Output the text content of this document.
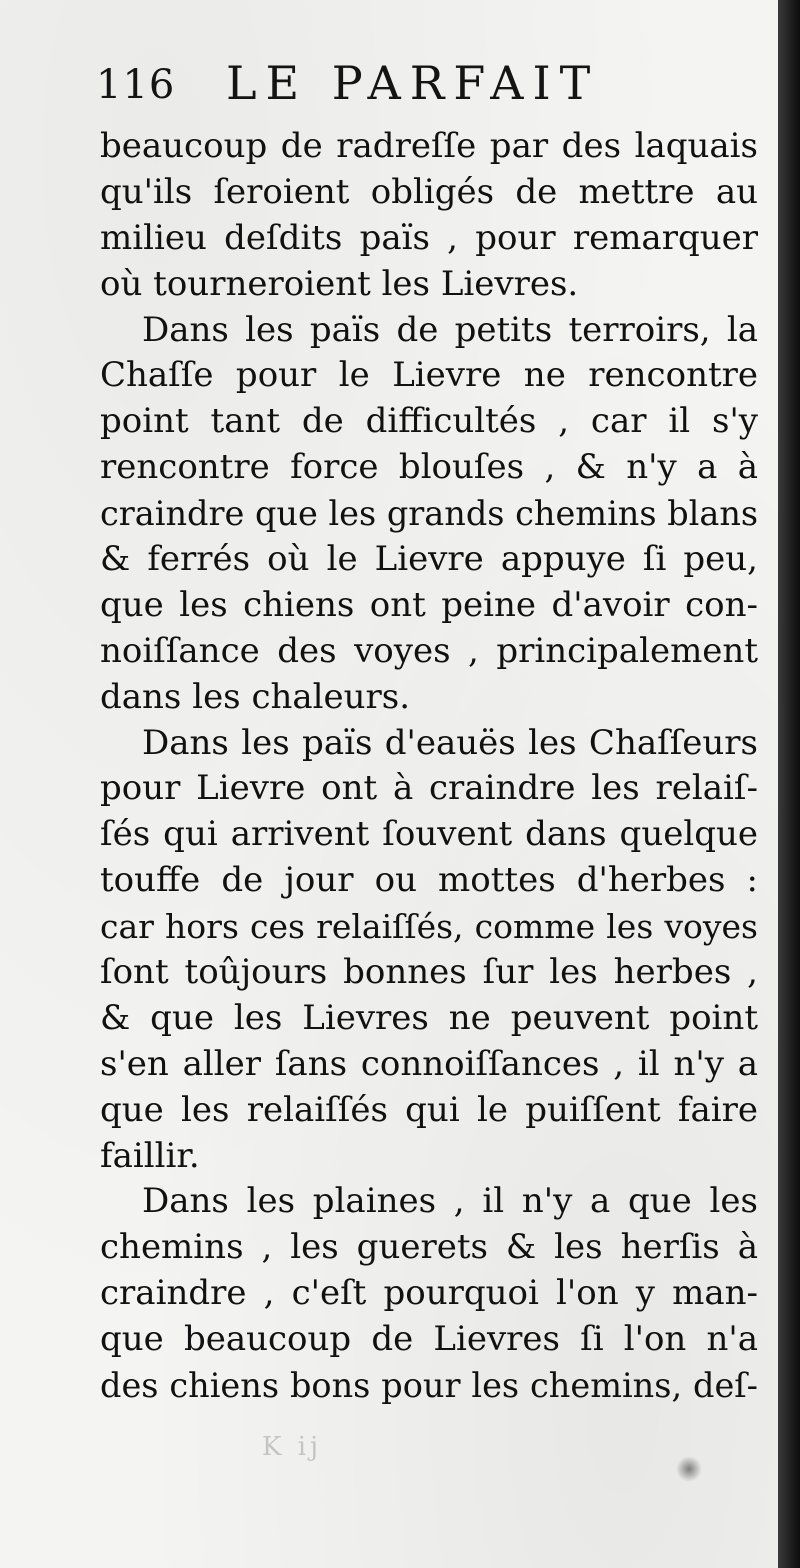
116 LE PARFAIT

beaucoup de radreſſe par des laquais
qu'ils ſeroient obligés de mettre au
milieu deſdits païs , pour remarquer
où tourneroient les Lievres.

Dans les païs de petits terroirs, la
Chaſſe pour le Lievre ne rencontre
point tant de difficultés , car il s'y
rencontre force blouſes , & n'y a à
craindre que les grands chemins blans
& ferrés où le Lievre appuye ſi peu,
que les chiens ont peine d'avoir con-
noiſſance des voyes , principalement
dans les chaleurs.

Dans les païs d'eauës les Chaſſeurs
pour Lievre ont à craindre les relaiſ-
ſés qui arrivent ſouvent dans quelque
touffe de jour ou mottes d'herbes :
car hors ces relaiſſés, comme les voyes
ſont toûjours bonnes ſur les herbes ,
& que les Lievres ne peuvent point
s'en aller ſans connoiſſances , il n'y a
que les relaiſſés qui le puiſſent faire
faillir.

Dans les plaines , il n'y a que les
chemins , les guerets & les herſis à
craindre , c'eſt pourquoi l'on y man-
que beaucoup de Lievres ſi l'on n'a
des chiens bons pour les chemins, deſ-

K ij
